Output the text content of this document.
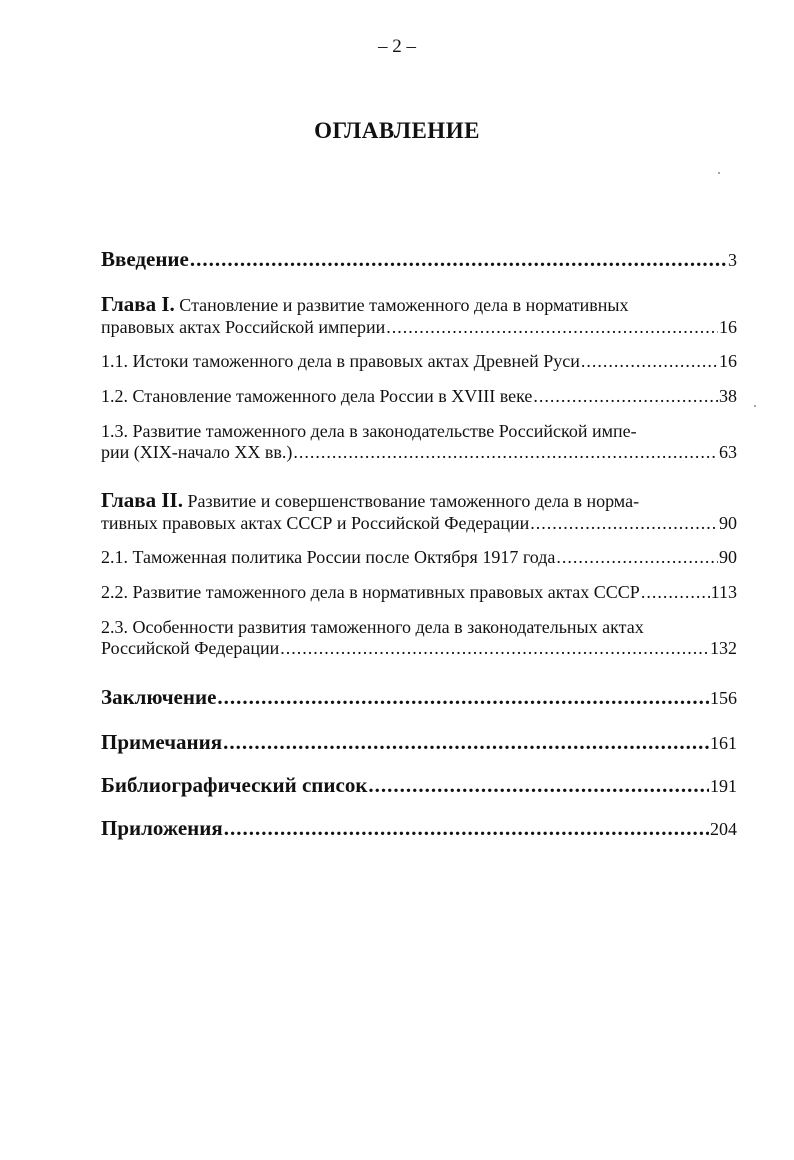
– 2 –
ОГЛАВЛЕНИЕ
Введение .....	3
Глава I. Становление и развитие таможенного дела в нормативных
правовых актах Российской империи .....	16
1.1. Истоки таможенного дела в правовых актах Древней Руси .....	16
1.2. Становление таможенного дела России в XVIII веке .....	38
1.3. Развитие таможенного дела в законодательстве Российской импе-
рии (XIX-начало XX вв.) .....	63
Глава II. Развитие и совершенствование таможенного дела в норма-
тивных правовых актах СССР и Российской Федерации .....	90
2.1. Таможенная политика России после Октября 1917 года .....	90
2.2. Развитие таможенного дела в нормативных правовых актах СССР .....	113
2.3. Особенности развития таможенного дела в законодательных актах
Российской Федерации .....	132
Заключение .....	156
Примечания .....	161
Библиографический список .....	191
Приложения .....	204
